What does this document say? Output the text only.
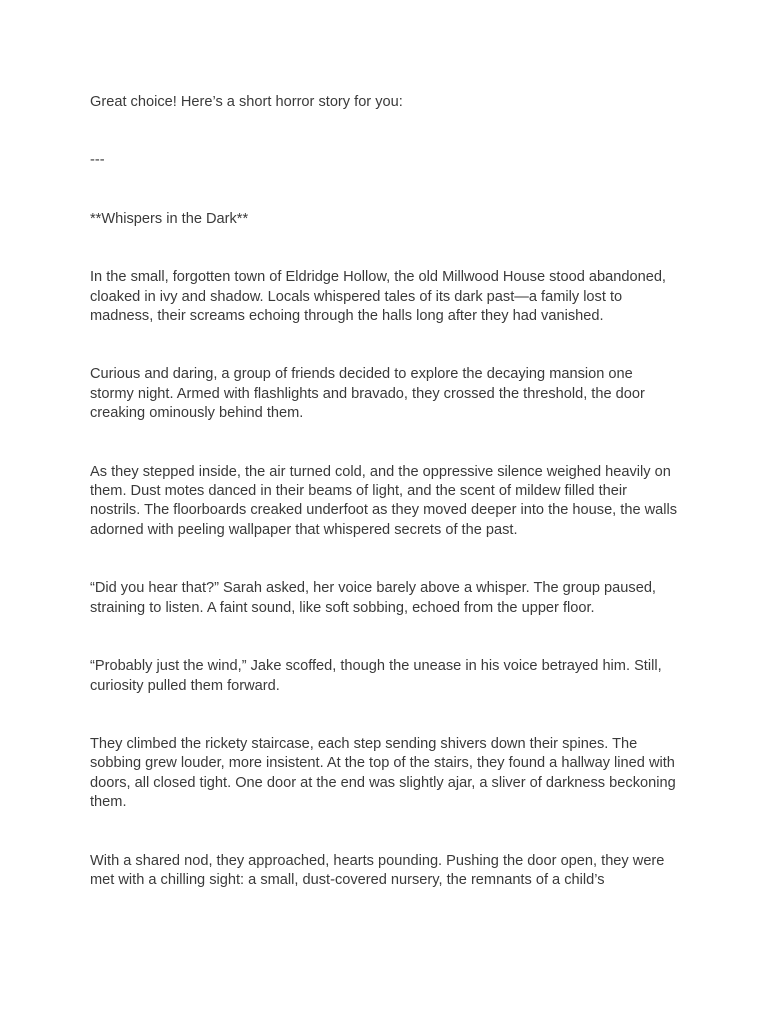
Great choice! Here’s a short horror story for you:

---

**Whispers in the Dark**

In the small, forgotten town of Eldridge Hollow, the old Millwood House stood abandoned, cloaked in ivy and shadow. Locals whispered tales of its dark past—a family lost to madness, their screams echoing through the halls long after they had vanished.

Curious and daring, a group of friends decided to explore the decaying mansion one stormy night. Armed with flashlights and bravado, they crossed the threshold, the door creaking ominously behind them.

As they stepped inside, the air turned cold, and the oppressive silence weighed heavily on them. Dust motes danced in their beams of light, and the scent of mildew filled their nostrils. The floorboards creaked underfoot as they moved deeper into the house, the walls adorned with peeling wallpaper that whispered secrets of the past.

“Did you hear that?” Sarah asked, her voice barely above a whisper. The group paused, straining to listen. A faint sound, like soft sobbing, echoed from the upper floor.

“Probably just the wind,” Jake scoffed, though the unease in his voice betrayed him. Still, curiosity pulled them forward.

They climbed the rickety staircase, each step sending shivers down their spines. The sobbing grew louder, more insistent. At the top of the stairs, they found a hallway lined with doors, all closed tight. One door at the end was slightly ajar, a sliver of darkness beckoning them.

With a shared nod, they approached, hearts pounding. Pushing the door open, they were met with a chilling sight: a small, dust-covered nursery, the remnants of a child’s
